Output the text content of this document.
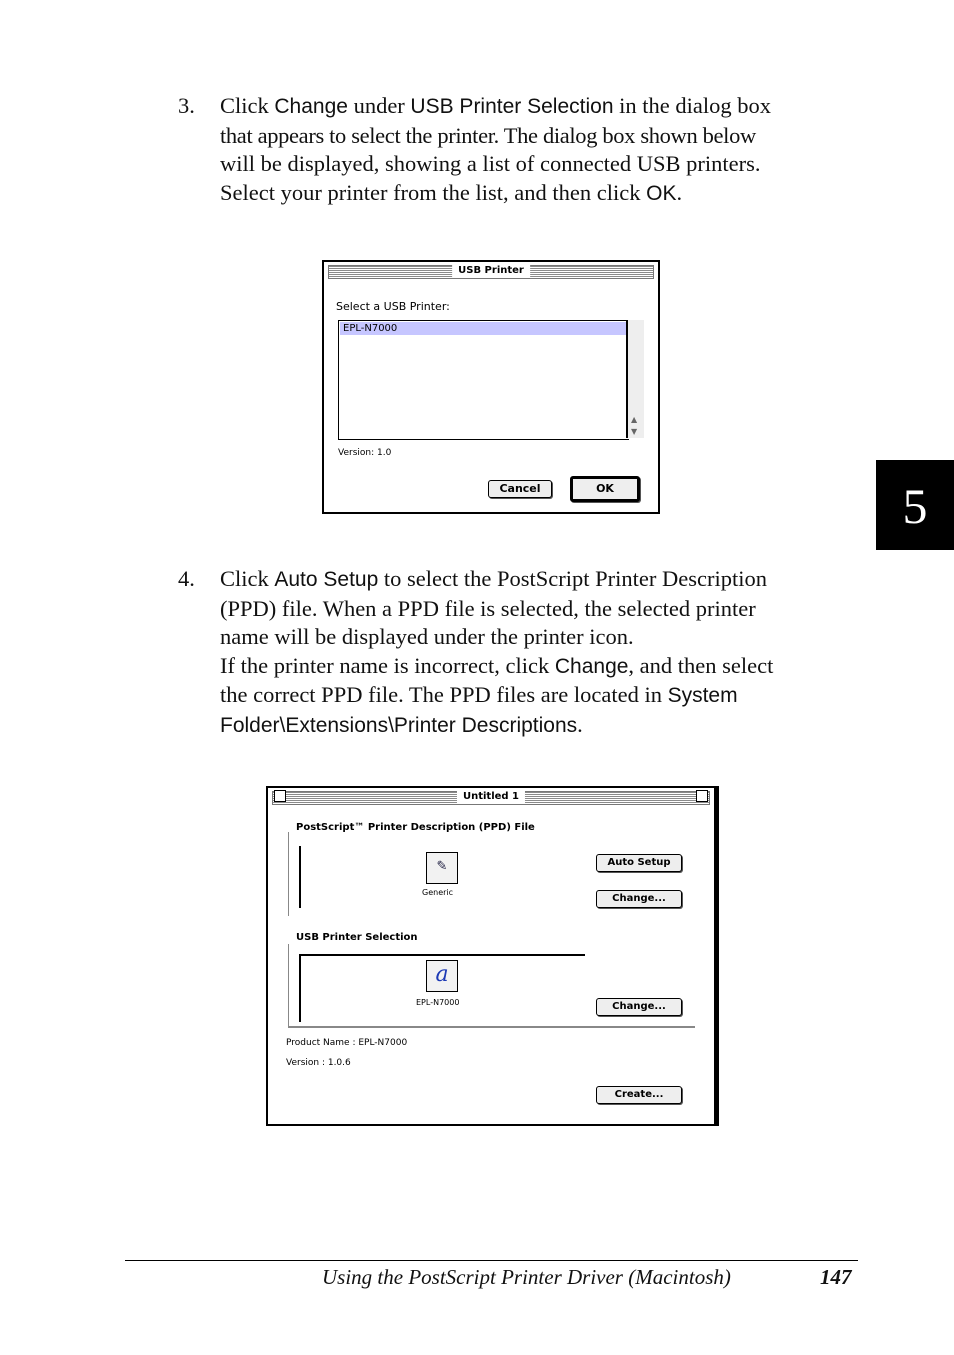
3.	Click Change under USB Printer Selection in the dialog box
that appears to select the printer. The dialog box shown below
will be displayed, showing a list of connected USB printers.
Select your printer from the list, and then click OK.
USB Printer
Select a USB Printer:
EPL-N7000
▲
▼
Version: 1.0
Cancel	OK	5
4.	Click Auto Setup to select the PostScript Printer Description
(PPD) file. When a PPD file is selected, the selected printer
name will be displayed under the printer icon.
If the printer name is incorrect, click Change, and then select
the correct PPD file. The PPD files are located in System
Folder\Extensions\Printer Descriptions.
Untitled 1
PostScript™ Printer Description (PPD) File
✎
Generic
Auto Setup
Change...
USB Printer Selection
a
EPL-N7000	Change...
Product Name : EPL-N7000
Version : 1.0.6
Create...
Using the PostScript Printer Driver (Macintosh)	147
